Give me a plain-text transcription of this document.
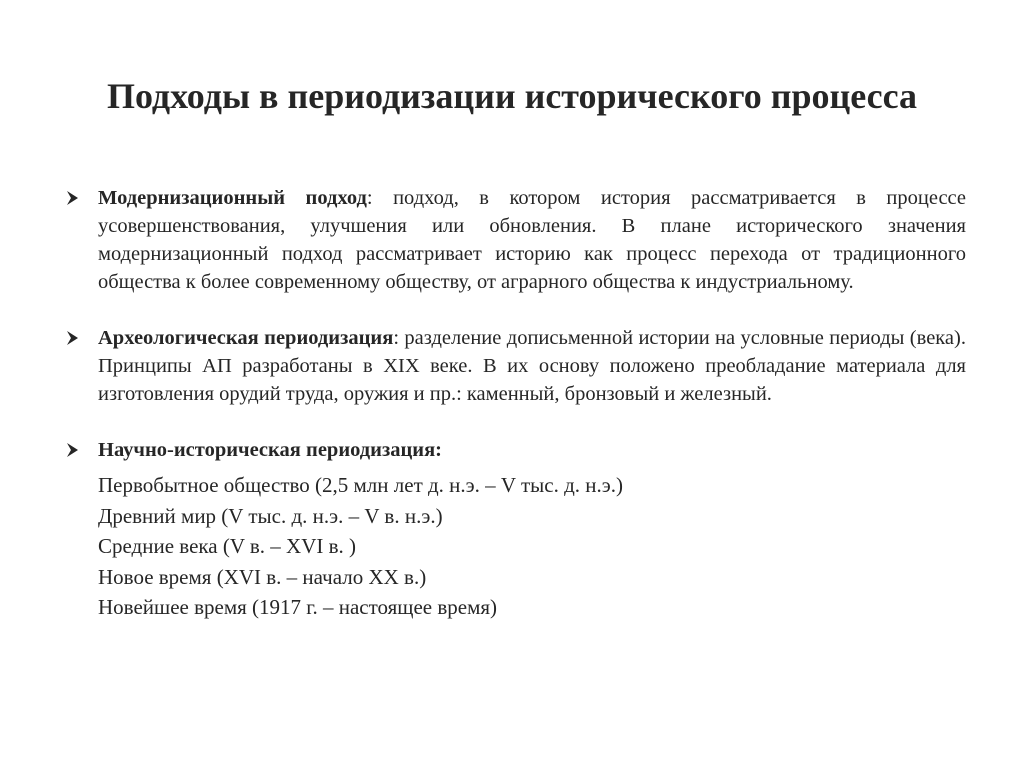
Подходы в периодизации исторического процесса
Модернизационный подход: подход, в котором история рассматривается в процессе усовершенствования, улучшения или обновления. В плане исторического значения модернизационный подход рассматривает историю как процесс перехода от традиционного общества к более современному обществу, от аграрного общества к индустриальному.
Археологическая периодизация: разделение дописьменной истории на условные периоды (века). Принципы АП разработаны в XIX веке. В их основу положено преобладание материала для изготовления орудий труда, оружия и пр.: каменный, бронзовый и железный.
Научно-историческая периодизация:
Первобытное общество (2,5 млн лет д. н.э. – V тыс. д. н.э.)
Древний мир (V тыс. д. н.э. – V в. н.э.)
Средние века (V в. – XVI в. )
Новое время (XVI в. – начало XX в.)
Новейшее время (1917 г. – настоящее время)
